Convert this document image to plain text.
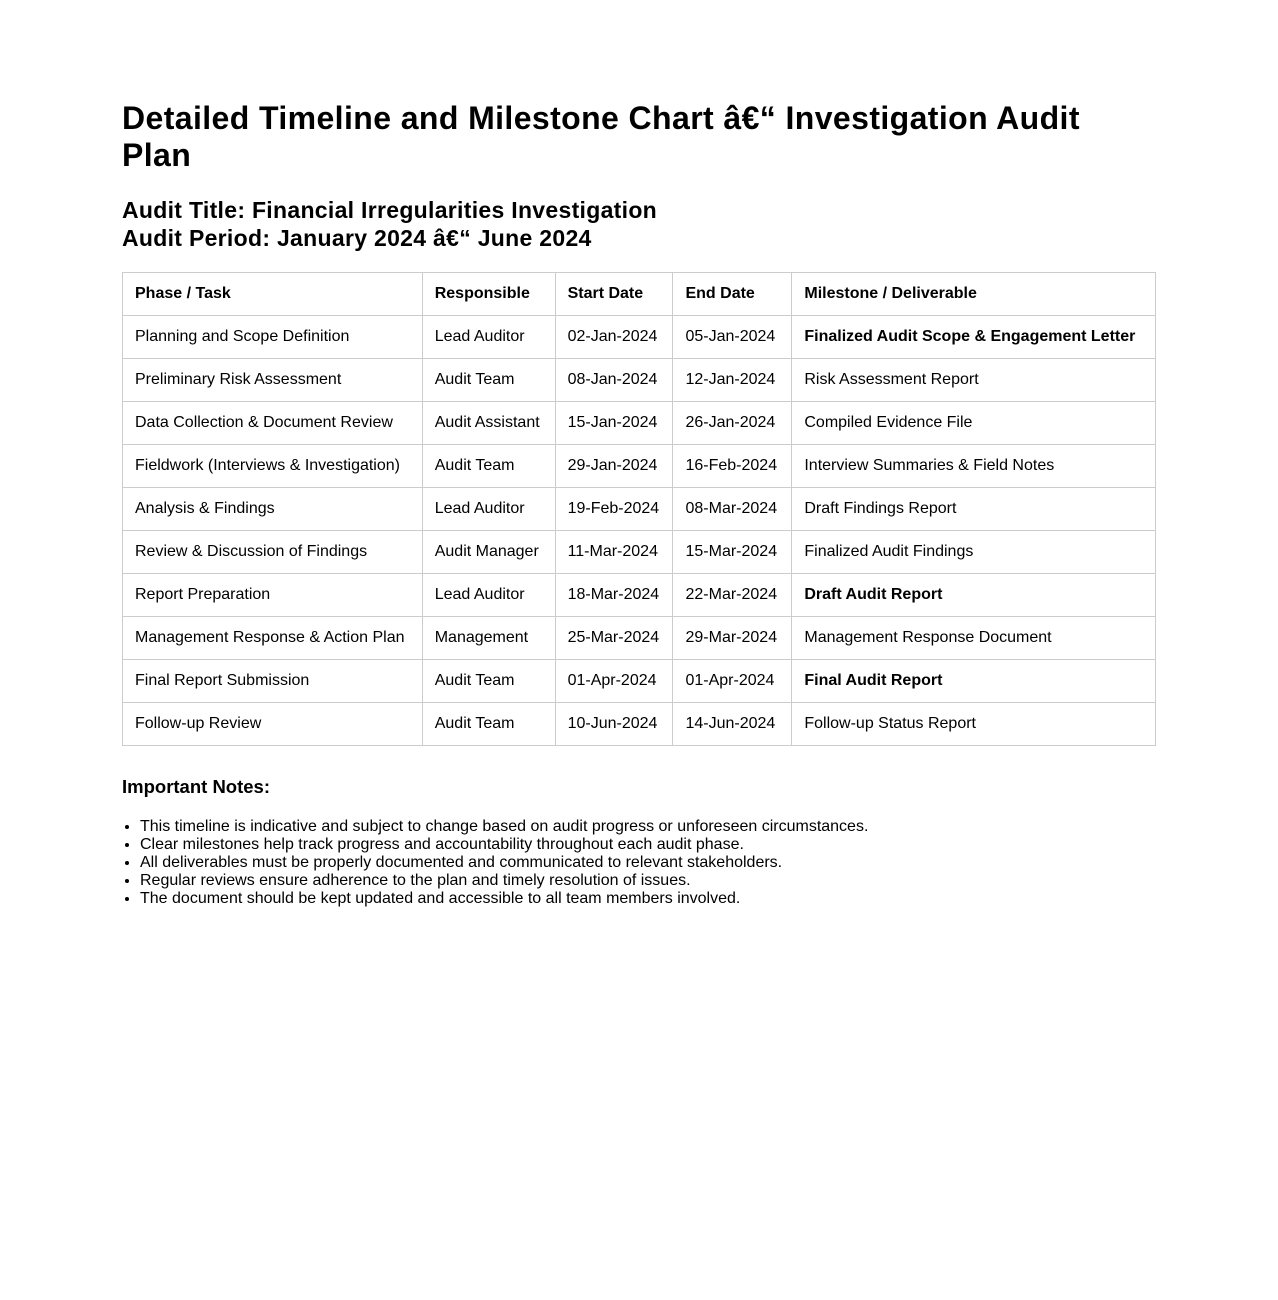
Detailed Timeline and Milestone Chart â€“ Investigation Audit Plan
Audit Title: Financial Irregularities Investigation
Audit Period: January 2024 â€“ June 2024
Phase / Task	Responsible	Start Date	End Date	Milestone / Deliverable
Planning and Scope Definition	Lead Auditor	02-Jan-2024	05-Jan-2024	Finalized Audit Scope & Engagement Letter
Preliminary Risk Assessment	Audit Team	08-Jan-2024	12-Jan-2024	Risk Assessment Report
Data Collection & Document Review	Audit Assistant	15-Jan-2024	26-Jan-2024	Compiled Evidence File
Fieldwork (Interviews & Investigation)	Audit Team	29-Jan-2024	16-Feb-2024	Interview Summaries & Field Notes
Analysis & Findings	Lead Auditor	19-Feb-2024	08-Mar-2024	Draft Findings Report
Review & Discussion of Findings	Audit Manager	11-Mar-2024	15-Mar-2024	Finalized Audit Findings
Report Preparation	Lead Auditor	18-Mar-2024	22-Mar-2024	Draft Audit Report
Management Response & Action Plan	Management	25-Mar-2024	29-Mar-2024	Management Response Document
Final Report Submission	Audit Team	01-Apr-2024	01-Apr-2024	Final Audit Report
Follow-up Review	Audit Team	10-Jun-2024	14-Jun-2024	Follow-up Status Report
Important Notes:
• This timeline is indicative and subject to change based on audit progress or unforeseen circumstances.
• Clear milestones help track progress and accountability throughout each audit phase.
• All deliverables must be properly documented and communicated to relevant stakeholders.
• Regular reviews ensure adherence to the plan and timely resolution of issues.
• The document should be kept updated and accessible to all team members involved.
